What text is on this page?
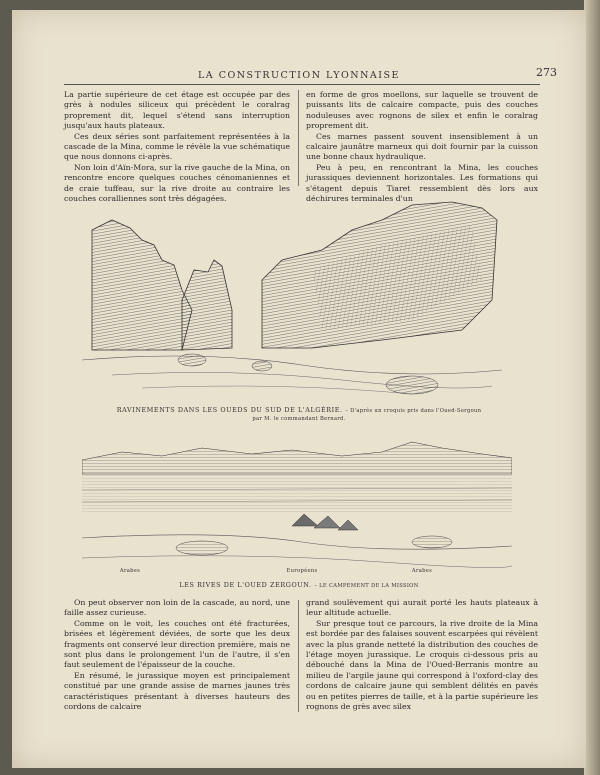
LA CONSTRUCTION LYONNAISE	273

La partie supérieure de cet étage est occupée par des grès à nodules siliceux qui précèdent le coralrag proprement dit, lequel s'étend sans interruption jusqu'aux hauts plateaux.

Ces deux séries sont parfaitement représentées à la cascade de la Mina, comme le révèle la vue schématique que nous donnons ci-après.

Non loin d'Aïn-Mora, sur la rive gauche de la Mina, on rencontre encore quelques couches cénomaniennes et de craie tuffeau, sur la rive droite au contraire les couches coralliennes sont très dégagées.

en forme de gros moellons, sur laquelle se trouvent de puissants lits de calcaire compacte, puis des couches noduleuses avec rognons de silex et enfin le coralrag proprement dit.

Ces marnes passent souvent insensiblement à un calcaire jaunâtre marneux qui doit fournir par la cuisson une bonne chaux hydraulique.

Peu à peu, en rencontrant la Mina, les couches jurassiques deviennent horizontales. Les formations qui s'étagent depuis Tiaret ressemblent dès lors aux déchirures terminales d'un

RAVINEMENTS DANS LES OUEDS DU SUD DE L'ALGÉRIE. – D'après un croquis pris dans l'Oued-Sergoun
par M. le commandant Bernard.
Arabes	Européens	Arabes
LES RIVES DE L'OUED ZERGOUN. – LE CAMPEMENT DE LA MISSION

On peut observer non loin de la cascade, au nord, une faille assez curieuse.

Comme on le voit, les couches ont été fracturées, brisées et légèrement déviées, de sorte que les deux fragments ont conservé leur direction première, mais ne sont plus dans le prolongement l'un de l'autre, il s'en faut seulement de l'épaisseur de la couche.

En résumé, le jurassique moyen est principalement constitué par une grande assise de marnes jaunes très caractéristiques présentant à diverses hauteurs des cordons de calcaire

grand soulèvement qui aurait porté les hauts plateaux à leur altitude actuelle.

Sur presque tout ce parcours, la rive droite de la Mina est bordée par des falaises souvent escarpées qui révèlent avec la plus grande netteté la distribution des couches de l'étage moyen jurassique. Le croquis ci-dessous pris au débouché dans la Mina de l'Oued-Berranis montre au milieu de l'argile jaune qui correspond à l'oxford-clay des cordons de calcaire jaune qui semblent délités en pavés ou en petites pierres de taille, et à la partie supérieure les rognons de grès avec silex
